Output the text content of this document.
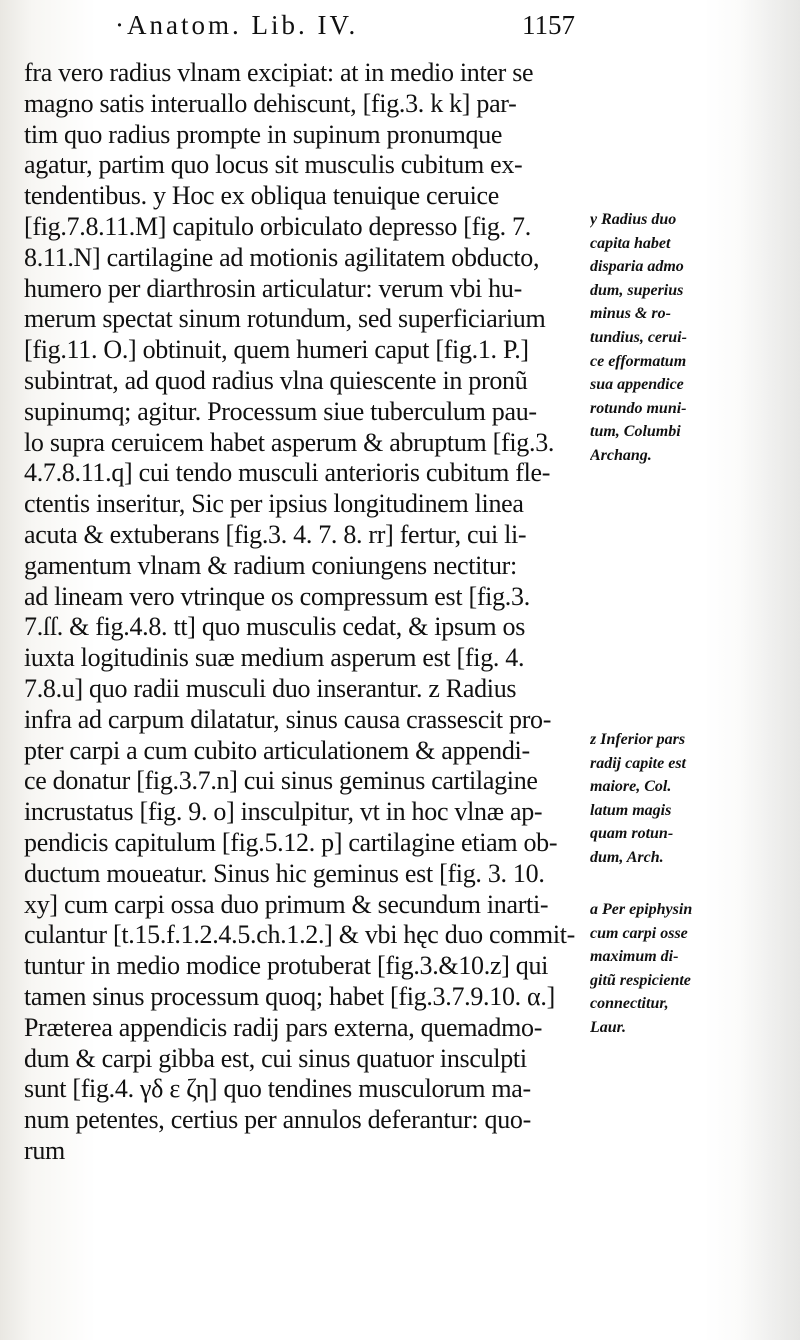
·Anatom. Lib. IV.	1157
fra vero radius vlnam excipiat: at in medio inter se
magno satis interuallo dehiscunt, [fig.3. k k] par-
tim quo radius prompte in supinum pronumque
agatur, partim quo locus sit musculis cubitum ex-
tendentibus. y Hoc ex obliqua tenuique ceruice
[fig.7.8.11.M] capitulo orbiculato depresso [fig. 7.
8.11.N] cartilagine ad motionis agilitatem obducto,
humero per diarthrosin articulatur: verum vbi hu-
merum spectat sinum rotundum, sed superficiarium
[fig.11. O.] obtinuit, quem humeri caput [fig.1. P.]
subintrat, ad quod radius vlna quiescente in pronũ
supinumq; agitur. Processum siue tuberculum pau-
lo supra ceruicem habet asperum & abruptum [fig.3.
4.7.8.11.q] cui tendo musculi anterioris cubitum fle-
ctentis inseritur, Sic per ipsius longitudinem linea
acuta & extuberans [fig.3. 4. 7. 8. rr] fertur, cui li-
gamentum vlnam & radium coniungens nectitur:
ad lineam vero vtrinque os compressum est [fig.3.
7.ſſ. & fig.4.8. tt] quo musculis cedat, & ipsum os
iuxta logitudinis suæ medium asperum est [fig. 4.
7.8.u] quo radii musculi duo inserantur. z Radius
infra ad carpum dilatatur, sinus causa crassescit pro-
pter carpi a cum cubito articulationem & appendi-
ce donatur [fig.3.7.n] cui sinus geminus cartilagine
incrustatus [fig. 9. o] insculpitur, vt in hoc vlnæ ap-
pendicis capitulum [fig.5.12. p] cartilagine etiam ob-
ductum moueatur. Sinus hic geminus est [fig. 3. 10.
xy] cum carpi ossa duo primum & secundum inarti-
culantur [t.15.f.1.2.4.5.ch.1.2.] & vbi hęc duo commit-
tuntur in medio modice protuberat [fig.3.&10.z] qui
tamen sinus processum quoq; habet [fig.3.7.9.10. α.]
Præterea appendicis radij pars externa, quemadmo-
dum & carpi gibba est, cui sinus quatuor insculpti
sunt [fig.4. γδ ε ζη] quo tendines musculorum ma-
num petentes, certius per annulos deferantur: quo-
rum
y Radius duo
capita habet
disparia admo
dum, superius
minus & ro-
tundius, cerui-
ce efformatum
sua appendice
rotundo muni-
tum, Columbi
Archang.
z Inferior pars
radij capite est
maiore, Col.
latum magis
quam rotun-
dum, Arch.
a Per epiphysin
cum carpi osse
maximum di-
gitũ respiciente
connectitur,
Laur.
